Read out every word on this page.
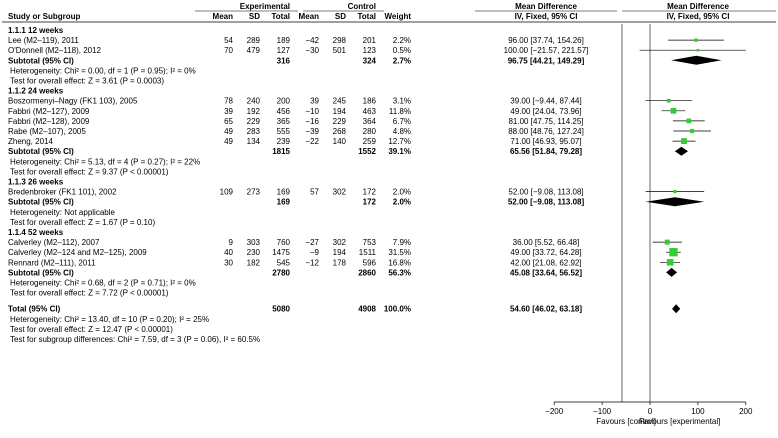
Experimental	Control	Mean Difference
IV, Fixed, 95% CI
Mean Difference
IV, Fixed, 95% CI
Study or Subgroup	Mean SD Total Mean SD Total Weight
1.1.1 12 weeks
Lee (M2–119), 2011	54 289 189 −42 298 201 2.2%	96.00 [37.74, 154.26]
O'Donnell (M2–118), 2012	70 479 127 −30 501 123 0.5%	100.00 [−21.57, 221.57]
Subtotal (95% CI)	316	324 2.7%	96.75 [44.21, 149.29]
Heterogeneity: Chi² = 0.00, df = 1 (P = 0.95); I² = 0%
Test for overall effect: Z = 3.61 (P = 0.0003)
1.1.2 24 weeks
Boszormenyi–Nagy (FK1 103), 2005	78 240 200	39 245 186 3.1%	39.00 [−9.44, 87.44]
Fabbri (M2–127), 2009	39 192 456 −10 194 463 11.8%	49.00 [24.04, 73.96]
Fabbri (M2–128), 2009	65 229 365 −16 229 364 6.7%	81.00 [47.75, 114.25]
Rabe (M2–107), 2005	49 283 555 −39 268 280 4.8%	88.00 [48.76, 127.24]
Zheng, 2014	49 134 239 −22 140 259 12.7%	71.00 [46.93, 95.07]
Subtotal (95% CI)	1815	1552 39.1%	65.56 [51.84, 79.28]
Heterogeneity: Chi² = 5.13, df = 4 (P = 0.27); I² = 22%
Test for overall effect: Z = 9.37 (P < 0.00001)
1.1.3 26 weeks
Bredenbroker (FK1 101), 2002	109 273 169	57 302 172 2.0%	52.00 [−9.08, 113.08]
Subtotal (95% CI)	169	172 2.0%	52.00 [−9.08, 113.08]
Heterogeneity: Not applicable
Test for overall effect: Z = 1.67 (P = 0.10)
1.1.4 52 weeks
Calverley (M2–112), 2007	9 303 760 −27 302 753 7.9%	36.00 [5.52, 66.48]
Calverley (M2–124 and M2–125), 2009	40 230 1475 −9 194 1511 31.5%	49.00 [33.72, 64.28]
Rennard (M2–111), 2011	30 182 545 −12 178 596 16.8%	42.00 [21.08, 62.92]
Subtotal (95% CI)	2780	2860 56.3%	45.08 [33.64, 56.52]
Heterogeneity: Chi² = 0.68, df = 2 (P = 0.71); I² = 0%
Test for overall effect: Z = 7.72 (P < 0.00001)
Total (95% CI)	5080	4908 100.0%	54.60 [46.02, 63.18]
Heterogeneity: Chi² = 13.40, df = 10 (P = 0.20); I² = 25%
Test for overall effect: Z = 12.47 (P < 0.00001)
Test for subgroup differences: Chi² = 7.59, df = 3 (P = 0.06), I² = 60.5%
−200	−100	0	100	200
Favours [control]
Favours [experimental]
